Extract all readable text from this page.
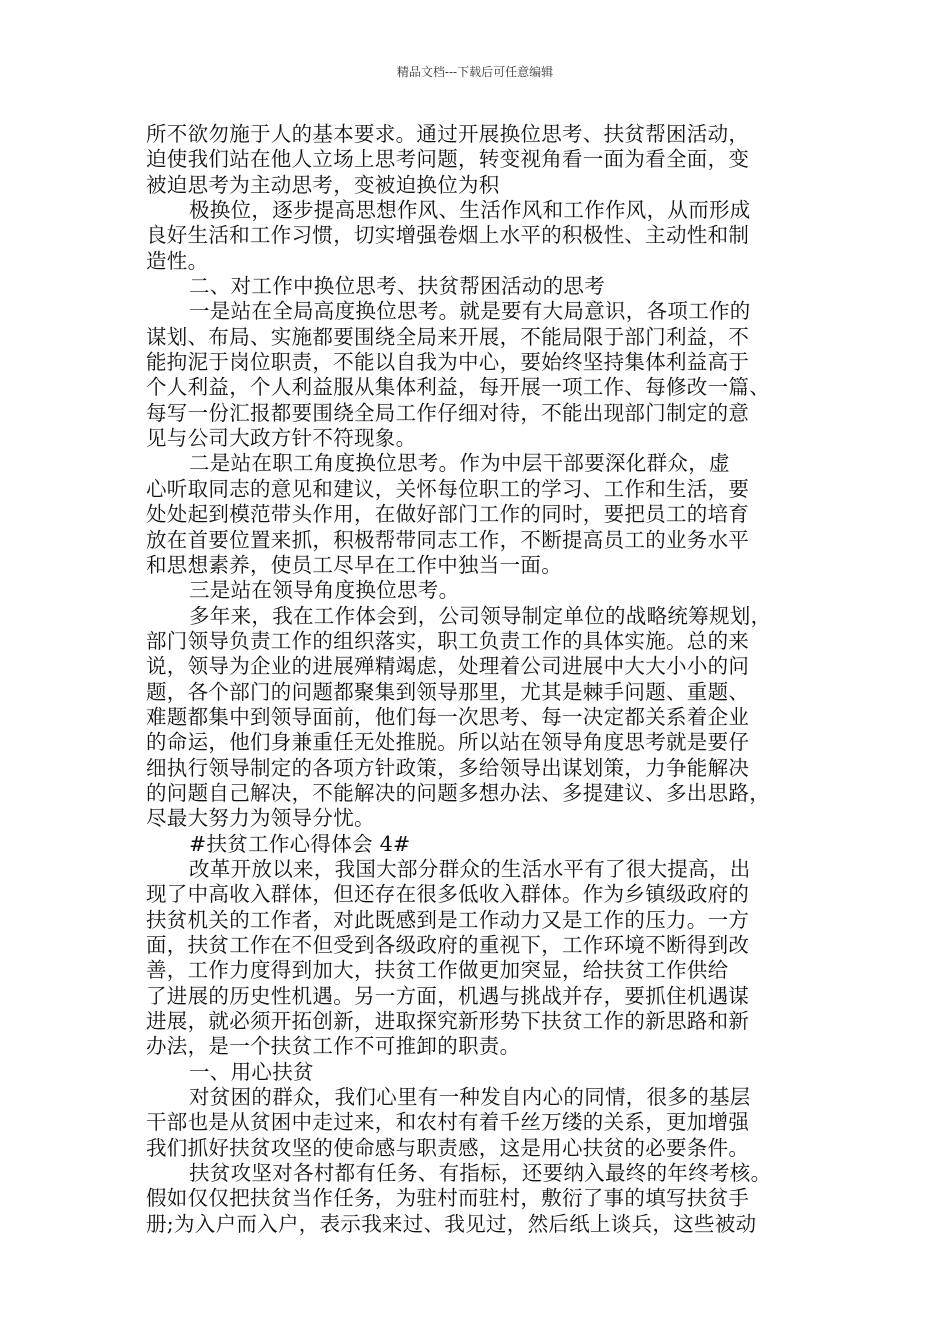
精品文档---下载后可任意编辑
所不欲勿施于人的基本要求。通过开展换位思考、扶贫帮困活动，
迫使我们站在他人立场上思考问题，转变视角看一面为看全面，变
被迫思考为主动思考，变被迫换位为积
极换位，逐步提高思想作风、生活作风和工作作风，从而形成
良好生活和工作习惯，切实增强卷烟上水平的积极性、主动性和制
造性。
二、对工作中换位思考、扶贫帮困活动的思考
一是站在全局高度换位思考。就是要有大局意识，各项工作的
谋划、布局、实施都要围绕全局来开展，不能局限于部门利益，不
能拘泥于岗位职责，不能以自我为中心，要始终坚持集体利益高于
个人利益，个人利益服从集体利益，每开展一项工作、每修改一篇、
每写一份汇报都要围绕全局工作仔细对待，不能出现部门制定的意
见与公司大政方针不符现象。
二是站在职工角度换位思考。作为中层干部要深化群众，虚
心听取同志的意见和建议，关怀每位职工的学习、工作和生活，要
处处起到模范带头作用，在做好部门工作的同时，要把员工的培育
放在首要位置来抓，积极帮带同志工作，不断提高员工的业务水平
和思想素养，使员工尽早在工作中独当一面。
三是站在领导角度换位思考。
多年来，我在工作体会到，公司领导制定单位的战略统筹规划，
部门领导负责工作的组织落实，职工负责工作的具体实施。总的来
说，领导为企业的进展殚精竭虑，处理着公司进展中大大小小的问
题，各个部门的问题都聚集到领导那里，尤其是棘手问题、重题、
难题都集中到领导面前，他们每一次思考、每一决定都关系着企业
的命运，他们身兼重任无处推脱。所以站在领导角度思考就是要仔
细执行领导制定的各项方针政策，多给领导出谋划策，力争能解决
的问题自己解决，不能解决的问题多想办法、多提建议、多出思路，
尽最大努力为领导分忧。
#扶贫工作心得体会 4#
改革开放以来，我国大部分群众的生活水平有了很大提高，出
现了中高收入群体，但还存在很多低收入群体。作为乡镇级政府的
扶贫机关的工作者，对此既感到是工作动力又是工作的压力。一方
面，扶贫工作在不但受到各级政府的重视下，工作环境不断得到改
善，工作力度得到加大，扶贫工作做更加突显，给扶贫工作供给
了进展的历史性机遇。另一方面，机遇与挑战并存，要抓住机遇谋
进展，就必须开拓创新，进取探究新形势下扶贫工作的新思路和新
办法，是一个扶贫工作不可推卸的职责。
一、用心扶贫
对贫困的群众，我们心里有一种发自内心的同情，很多的基层
干部也是从贫困中走过来，和农村有着千丝万缕的关系，更加增强
我们抓好扶贫攻坚的使命感与职责感，这是用心扶贫的必要条件。
扶贫攻坚对各村都有任务、有指标，还要纳入最终的年终考核。
假如仅仅把扶贫当作任务，为驻村而驻村，敷衍了事的填写扶贫手
册;为入户而入户，表示我来过、我见过，然后纸上谈兵，这些被动
